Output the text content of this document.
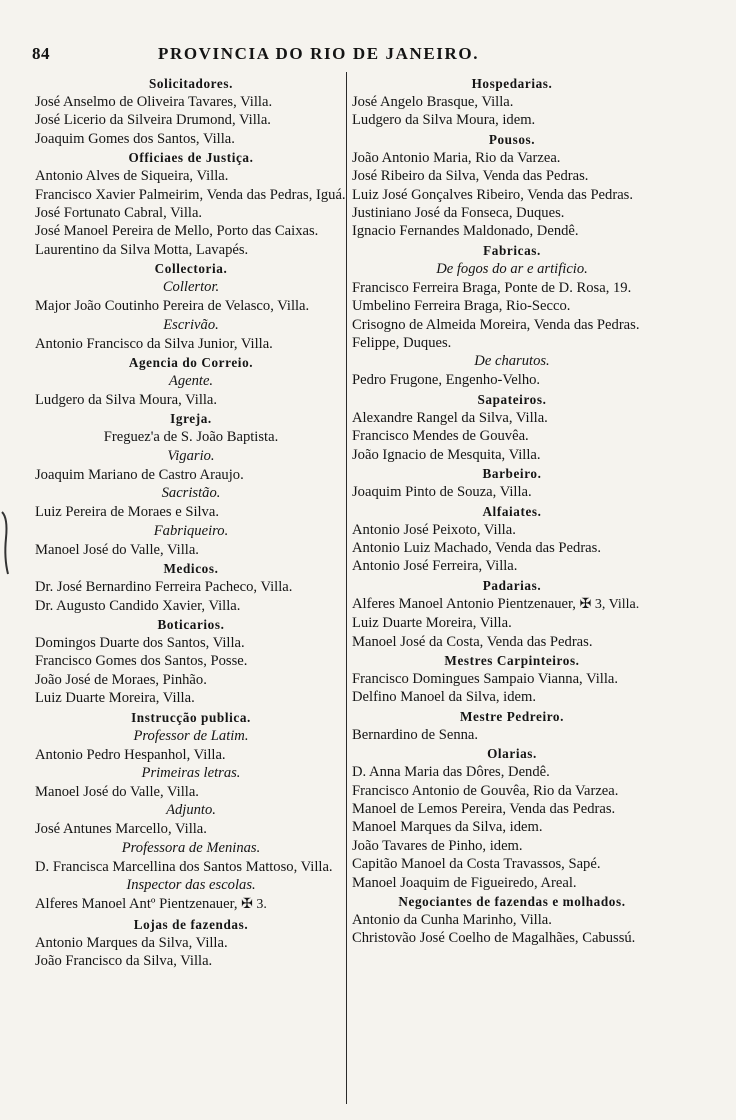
84	PROVINCIA DO RIO DE JANEIRO.
Solicitadores.
José Anselmo de Oliveira Tavares, Villa.
José Licerio da Silveira Drumond, Villa.
Joaquim Gomes dos Santos, Villa.
Officiaes de Justiça.
Antonio Alves de Siqueira, Villa.
Francisco Xavier Palmeirim, Venda das Pedras, Iguá.
José Fortunato Cabral, Villa.
José Manoel Pereira de Mello, Porto das Caixas.
Laurentino da Silva Motta, Lavapés.
Collectoria.
Collertor.
Major João Coutinho Pereira de Velasco, Villa.
Escrivão.
Antonio Francisco da Silva Junior, Villa.
Agencia do Correio.
Agente.
Ludgero da Silva Moura, Villa.
Igreja.
Freguez'a de S. João Baptista.
Vigario.
Joaquim Mariano de Castro Araujo.
Sacristão.
Luiz Pereira de Moraes e Silva.
Fabriqueiro.
Manoel José do Valle, Villa.
Medicos.
Dr. José Bernardino Ferreira Pacheco, Villa.
Dr. Augusto Candido Xavier, Villa.
Boticarios.
Domingos Duarte dos Santos, Villa.
Francisco Gomes dos Santos, Posse.
João José de Moraes, Pinhão.
Luiz Duarte Moreira, Villa.
Instrucção publica.
Professor de Latim.
Antonio Pedro Hespanhol, Villa.
Primeiras letras.
Manoel José do Valle, Villa.
Adjunto.
José Antunes Marcello, Villa.
Professora de Meninas.
D. Francisca Marcellina dos Santos Mattoso, Villa.
Inspector das escolas.
Alferes Manoel Antº Pientzenauer, ✠ 3.
Lojas de fazendas.
Antonio Marques da Silva, Villa.
João Francisco da Silva, Villa.
Hospedarias.
José Angelo Brasque, Villa.
Ludgero da Silva Moura, idem.
Pousos.
João Antonio Maria, Rio da Varzea.
José Ribeiro da Silva, Venda das Pedras.
Luiz José Gonçalves Ribeiro, Venda das Pedras.
Justiniano José da Fonseca, Duques.
Ignacio Fernandes Maldonado, Dendê.
Fabricas.
De fogos do ar e artificio.
Francisco Ferreira Braga, Ponte de D. Rosa, 19.
Umbelino Ferreira Braga, Rio-Secco.
Crisogno de Almeida Moreira, Venda das Pedras.
Felippe, Duques.
De charutos.
Pedro Frugone, Engenho-Velho.
Sapateiros.
Alexandre Rangel da Silva, Villa.
Francisco Mendes de Gouvêa.
João Ignacio de Mesquita, Villa.
Barbeiro.
Joaquim Pinto de Souza, Villa.
Alfaiates.
Antonio José Peixoto, Villa.
Antonio Luiz Machado, Venda das Pedras.
Antonio José Ferreira, Villa.
Padarias.
Alferes Manoel Antonio Pientzenauer, ✠ 3, Villa.
Luiz Duarte Moreira, Villa.
Manoel José da Costa, Venda das Pedras.
Mestres Carpinteiros.
Francisco Domingues Sampaio Vianna, Villa.
Delfino Manoel da Silva, idem.
Mestre Pedreiro.
Bernardino de Senna.
Olarias.
D. Anna Maria das Dôres, Dendê.
Francisco Antonio de Gouvêa, Rio da Varzea.
Manoel de Lemos Pereira, Venda das Pedras.
Manoel Marques da Silva, idem.
João Tavares de Pinho, idem.
Capitão Manoel da Costa Travassos, Sapé.
Manoel Joaquim de Figueiredo, Areal.
Negociantes de fazendas e molhados.
Antonio da Cunha Marinho, Villa.
Christovão José Coelho de Magalhães, Cabussú.
